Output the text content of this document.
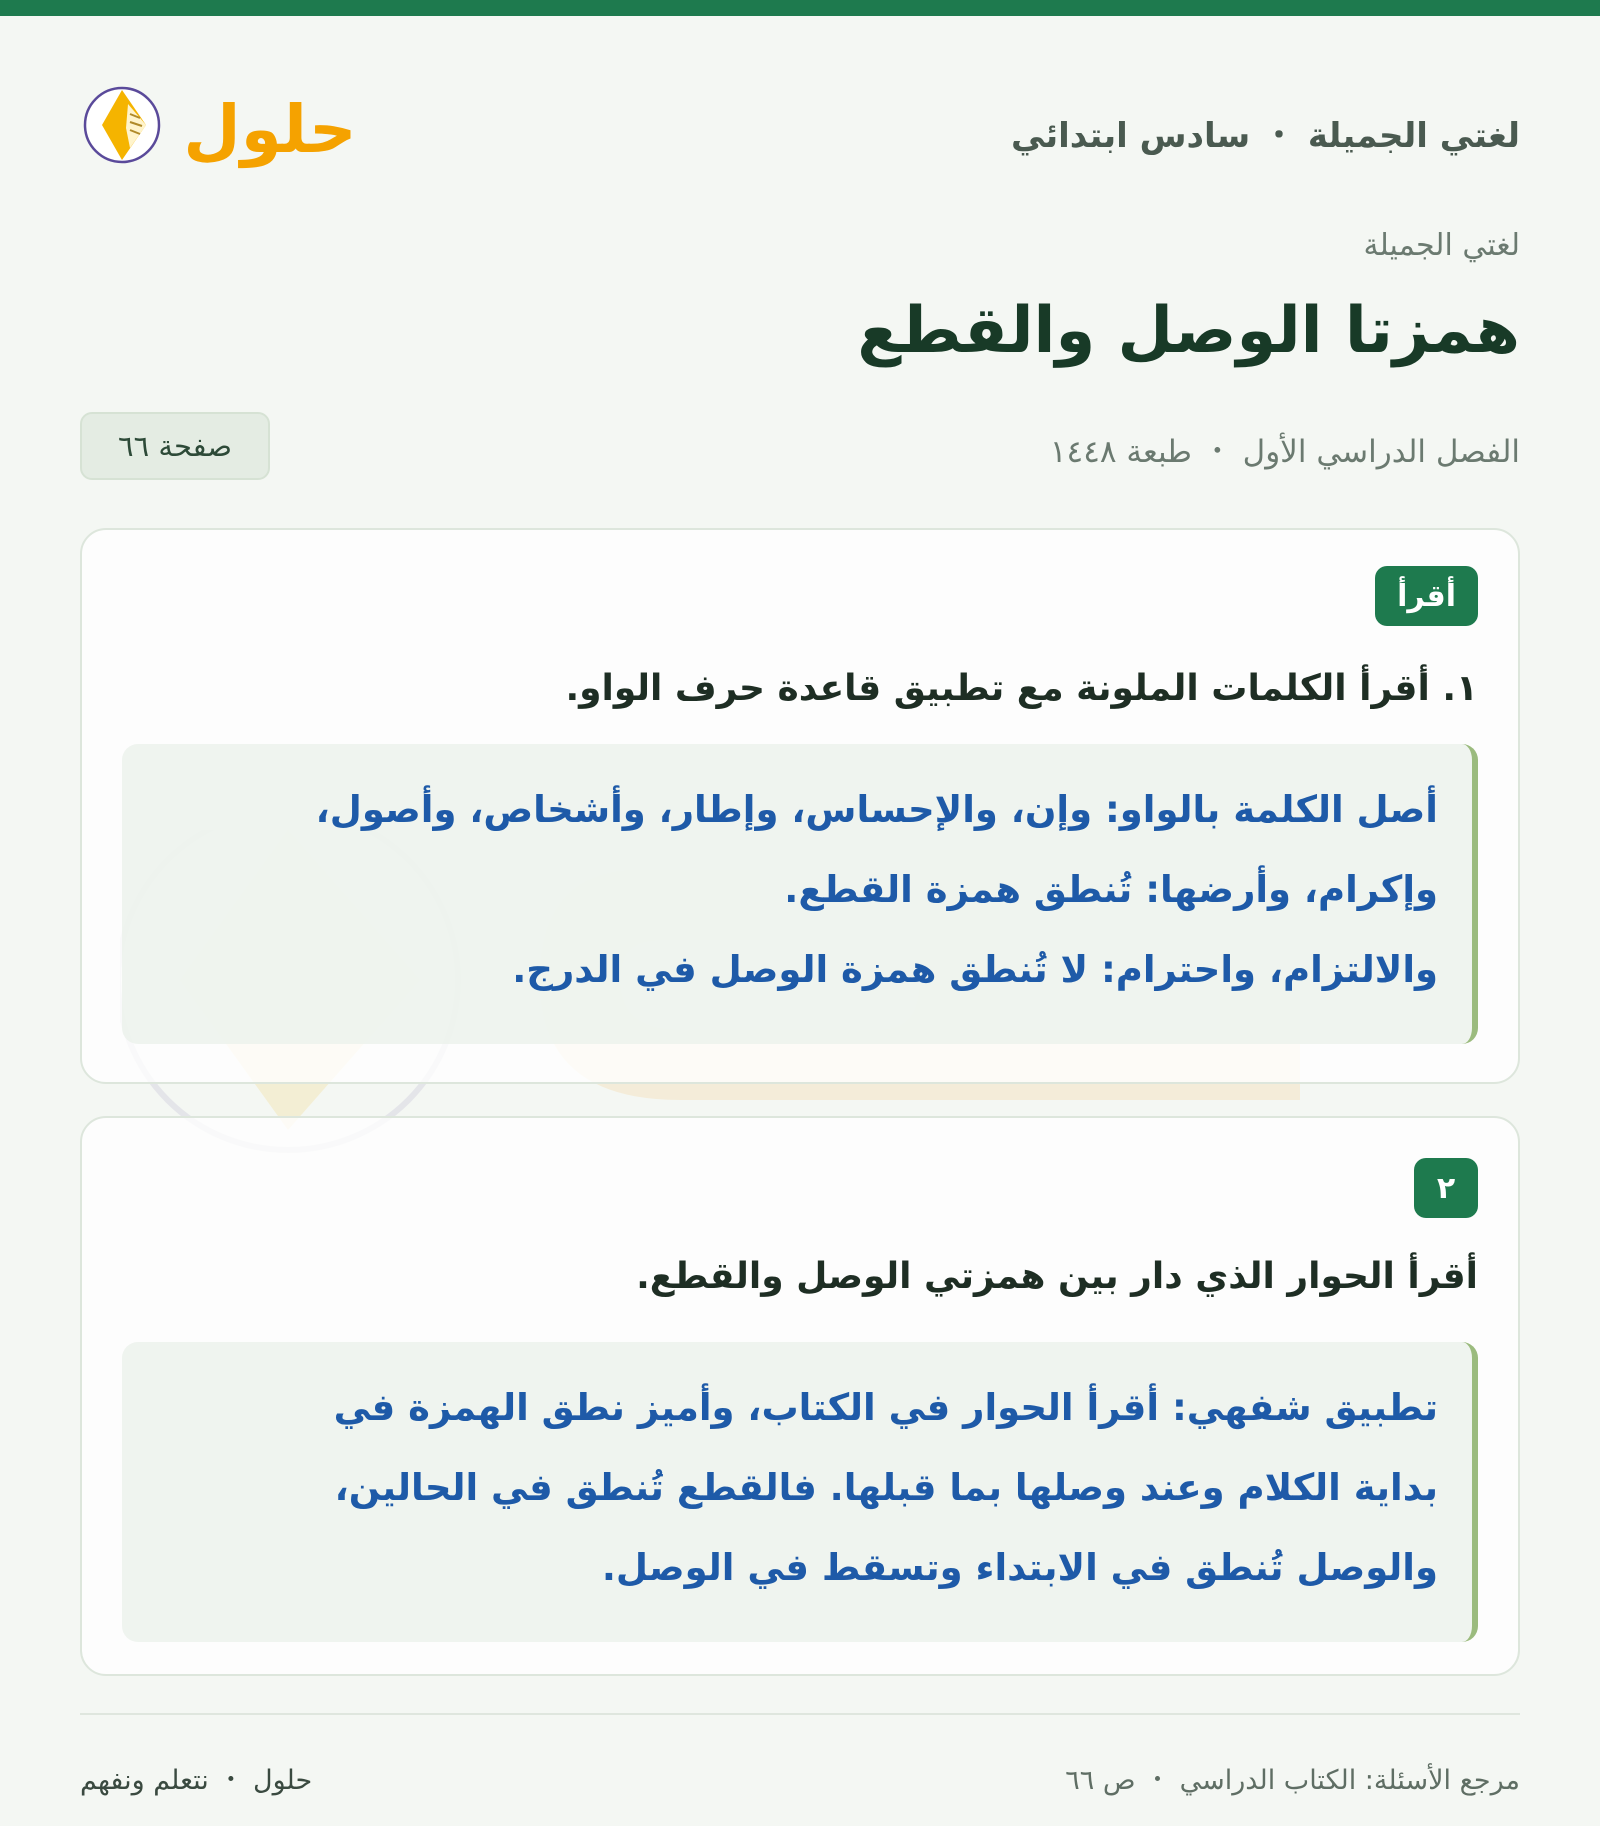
لغتي الجميلة ・ سادس ابتدائي
حلول
لغتي الجميلة
همزتا الوصل والقطع
الفصل الدراسي الأول ・ طبعة ١٤٤٨
صفحة ٦٦
أقرأ
١. أقرأ الكلمات الملونة مع تطبيق قاعدة حرف الواو.
أصل الكلمة بالواو: وإن، والإحساس، وإطار، وأشخاص، وأصول،
وإكرام، وأرضها: تُنطق همزة القطع.
والالتزام، واحترام: لا تُنطق همزة الوصل في الدرج.
٢
أقرأ الحوار الذي دار بين همزتي الوصل والقطع.
تطبيق شفهي: أقرأ الحوار في الكتاب، وأميز نطق الهمزة في
بداية الكلام وعند وصلها بما قبلها. فالقطع تُنطق في الحالين،
والوصل تُنطق في الابتداء وتسقط في الوصل.
مرجع الأسئلة: الكتاب الدراسي ・ ص ٦٦
حلول ・ نتعلم ونفهم
